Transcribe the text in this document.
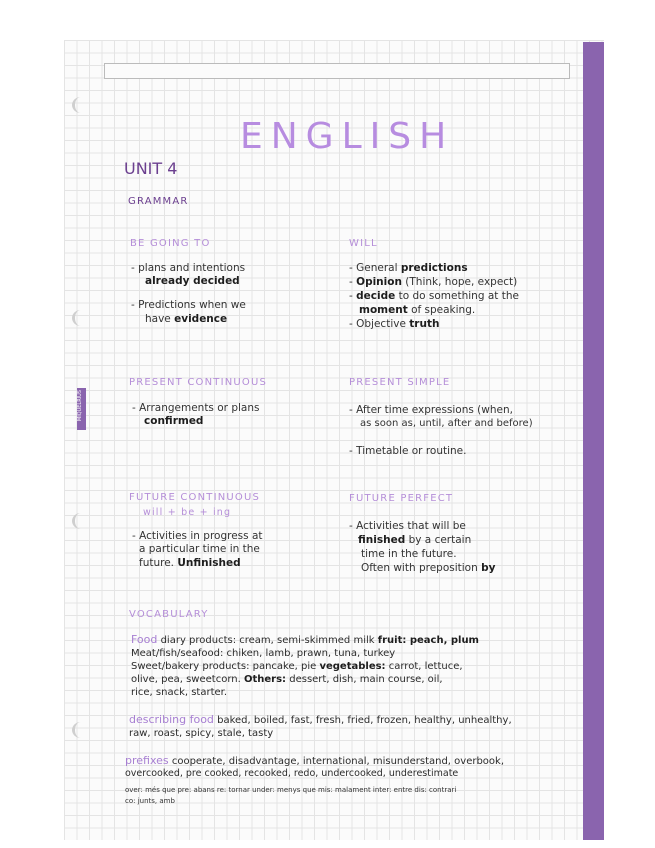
MIQUELRIUS
ENGLISH
UNIT 4
GRAMMAR
BE GOING TO
- plans and intentions
already decided
- Predictions when we
have evidence
WILL
- General predictions
- Opinion (Think, hope, expect)
- decide to do something at the
moment of speaking.
- Objective truth
PRESENT CONTINUOUS
- Arrangements or plans
confirmed
PRESENT SIMPLE
- After time expressions (when,
as soon as, until, after and before)
- Timetable or routine.
FUTURE CONTINUOUS
will + be + ing
- Activities in progress at
a particular time in the
future. Unfinished
FUTURE PERFECT
- Activities that will be
finished by a certain
time in the future.
Often with preposition by
VOCABULARY
Food diary products: cream, semi-skimmed milk fruit: peach, plum
Meat/fish/seafood: chiken, lamb, prawn, tuna, turkey
Sweet/bakery products: pancake, pie vegetables: carrot, lettuce,
olive, pea, sweetcorn. Others: dessert, dish, main course, oil,
rice, snack, starter.
describing food baked, boiled, fast, fresh, fried, frozen, healthy, unhealthy,
raw, roast, spicy, stale, tasty
prefixes cooperate, disadvantage, international, misunderstand, overbook,
overcooked, pre cooked, recooked, redo, undercooked, underestimate
over: més que pre: abans re: tornar under: menys que mis: malament inter: entre dis: contrari
co: junts, amb
